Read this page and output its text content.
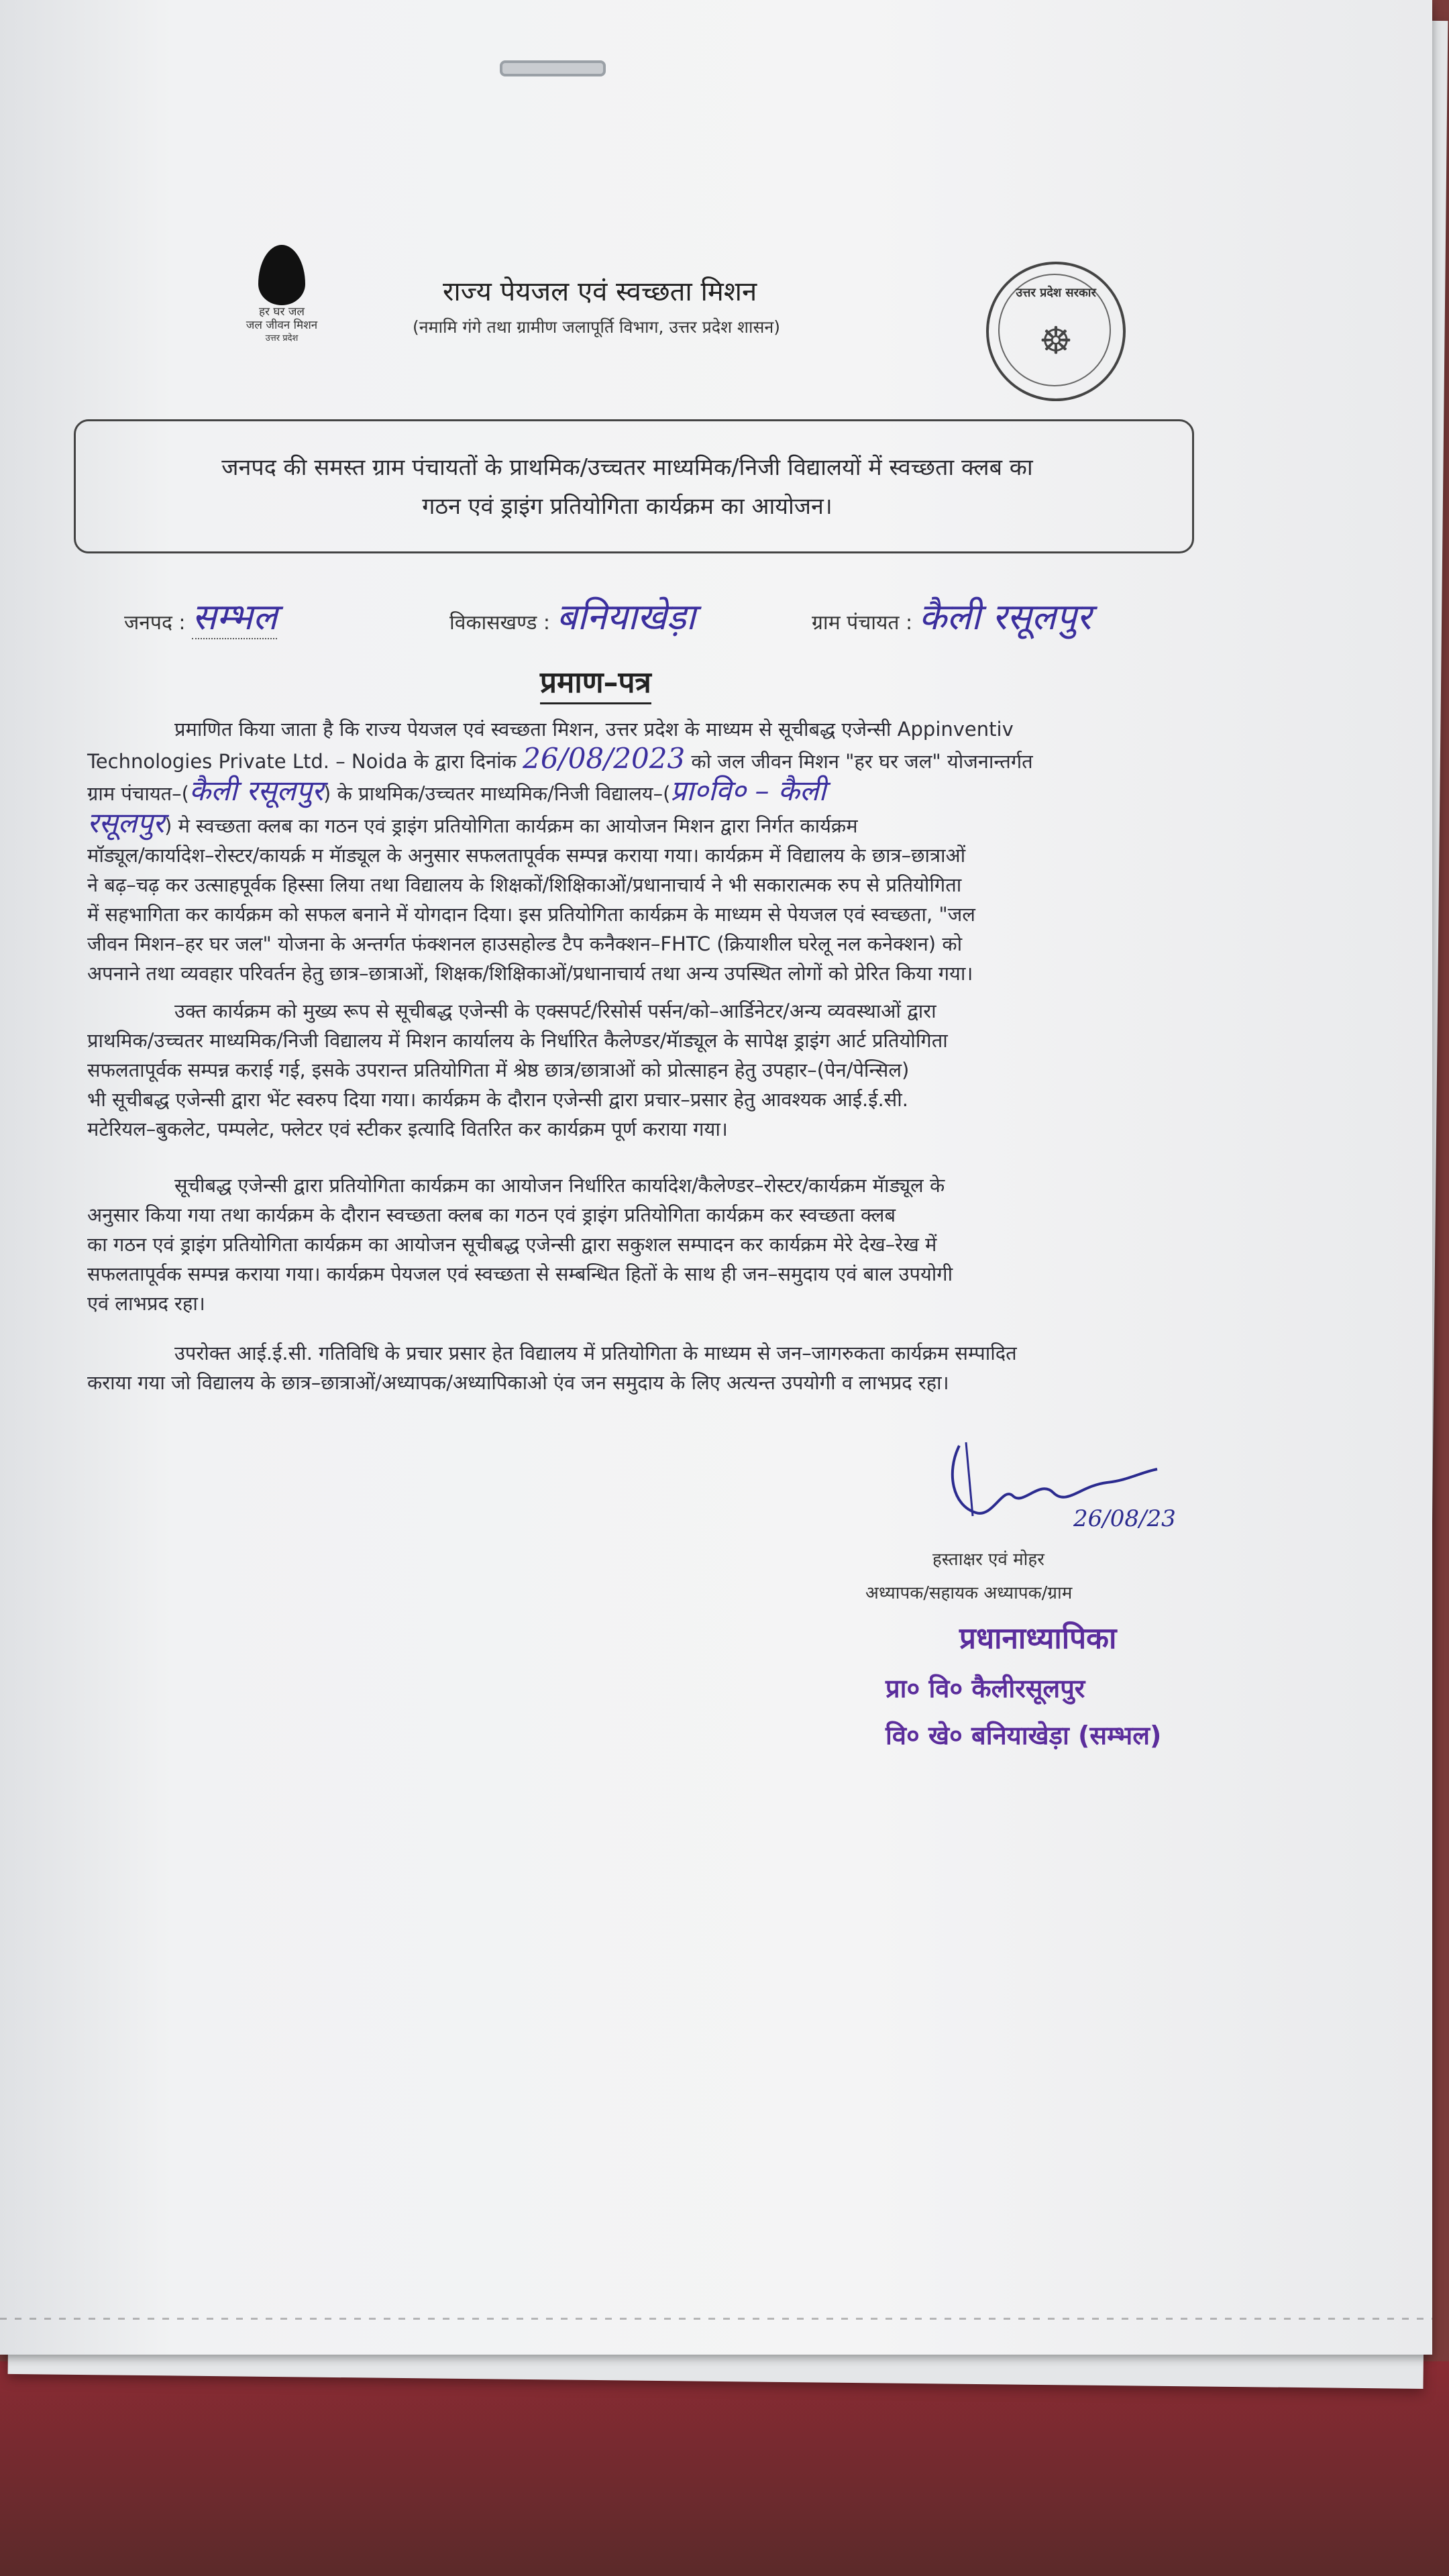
हर घर जल
जल जीवन मिशन
उत्तर प्रदेश
राज्य पेयजल एवं स्वच्छता मिशन
(नमामि गंगे तथा ग्रामीण जलापूर्ति विभाग, उत्तर प्रदेश शासन)
उत्तर प्रदेश सरकार
☸
जनपद की समस्त ग्राम पंचायतों के प्राथमिक/उच्चतर माध्यमिक/निजी विद्यालयों में स्वच्छता क्लब का
गठन एवं ड्राइंग प्रतियोगिता कार्यक्रम का आयोजन।
जनपद : सम्भल	विकासखण्ड : बनियाखेड़ा	ग्राम पंचायत : कैली रसूलपुर
प्रमाण–पत्र
प्रमाणित किया जाता है कि राज्य पेयजल एवं स्वच्छता मिशन, उत्तर प्रदेश के माध्यम से सूचीबद्ध एजेन्सी Appinventiv
Technologies Private Ltd. – Noida के द्वारा दिनांक 26/08/2023 को जल जीवन मिशन "हर घर जल" योजनान्तर्गत
ग्राम पंचायत–(कैली रसूलपुर) के प्राथमिक/उच्चतर माध्यमिक/निजी विद्यालय–(प्रा०वि० – कैली
रसूलपुर) मे स्वच्छता क्लब का गठन एवं ड्राइंग प्रतियोगिता कार्यक्रम का आयोजन मिशन द्वारा निर्गत कार्यक्रम
मॉड्यूल/कार्यादेश–रोस्टर/कायर्क्र म मॅाड्यूल के अनुसार सफलतापूर्वक सम्पन्न कराया गया। कार्यक्रम में विद्यालय के छात्र–छात्राओं
ने बढ़–चढ़ कर उत्साहपूर्वक हिस्सा लिया तथा विद्यालय के शिक्षकों/शिक्षिकाओं/प्रधानाचार्य ने भी सकारात्मक रुप से प्रतियोगिता
में सहभागिता कर कार्यक्रम को सफल बनाने में योगदान दिया। इस प्रतियोगिता कार्यक्रम के माध्यम से पेयजल एवं स्वच्छता, "जल
जीवन मिशन–हर घर जल" योजना के अन्तर्गत फंक्शनल हाउसहोल्ड टैप कनैक्शन–FHTC (क्रियाशील घरेलू नल कनेक्शन) को
अपनाने तथा व्यवहार परिवर्तन हेतु छात्र–छात्राओं, शिक्षक/शिक्षिकाओं/प्रधानाचार्य तथा अन्य उपस्थित लोगों को प्रेरित किया गया।
उक्त कार्यक्रम को मुख्य रूप से सूचीबद्ध एजेन्सी के एक्सपर्ट/रिसोर्स पर्सन/को–आर्डिनेटर/अन्य व्यवस्थाओं द्वारा
प्राथमिक/उच्चतर माध्यमिक/निजी विद्यालय में मिशन कार्यालय के निर्धारित कैलेण्डर/मॅाड्यूल के सापेक्ष ड्राइंग आर्ट प्रतियोगिता
सफलतापूर्वक सम्पन्न कराई गई, इसके उपरान्त प्रतियोगिता में श्रेष्ठ छात्र/छात्राओं को प्रोत्साहन हेतु उपहार–(पेन/पेन्सिल)
भी सूचीबद्ध एजेन्सी द्वारा भेंट स्वरुप दिया गया। कार्यक्रम के दौरान एजेन्सी द्वारा प्रचार–प्रसार हेतु आवश्यक आई.ई.सी.
मटेरियल–बुकलेट, पम्पलेट, फ्लेटर एवं स्टीकर इत्यादि वितरित कर कार्यक्रम पूर्ण कराया गया।
सूचीबद्ध एजेन्सी द्वारा प्रतियोगिता कार्यक्रम का आयोजन निर्धारित कार्यादेश/कैलेण्डर–रोस्टर/कार्यक्रम मॅाड्यूल के
अनुसार किया गया तथा कार्यक्रम के दौरान स्वच्छता क्लब का गठन एवं ड्राइंग प्रतियोगिता कार्यक्रम कर स्वच्छता क्लब
का गठन एवं ड्राइंग प्रतियोगिता कार्यक्रम का आयोजन सूचीबद्ध एजेन्सी द्वारा सकुशल सम्पादन कर कार्यक्रम मेरे देख–रेख में
सफलतापूर्वक सम्पन्न कराया गया। कार्यक्रम पेयजल एवं स्वच्छता से सम्बन्धित हितों के साथ ही जन–समुदाय एवं बाल उपयोगी
एवं लाभप्रद रहा।
उपरोक्त आई.ई.सी. गतिविधि के प्रचार प्रसार हेत विद्यालय में प्रतियोगिता के माध्यम से जन–जागरुकता कार्यक्रम सम्पादित
कराया गया जो विद्यालय के छात्र–छात्राओं/अध्यापक/अध्यापिकाओ एंव जन समुदाय के लिए अत्यन्त उपयोगी व लाभप्रद रहा।
26/08/23
हस्ताक्षर एवं मोहर
अध्यापक/सहायक अध्यापक/ग्राम
प्रधानाध्यापिका
प्रा० वि० कैलीरसूलपुर
वि० खे० बनियाखेड़ा (सम्भल)
